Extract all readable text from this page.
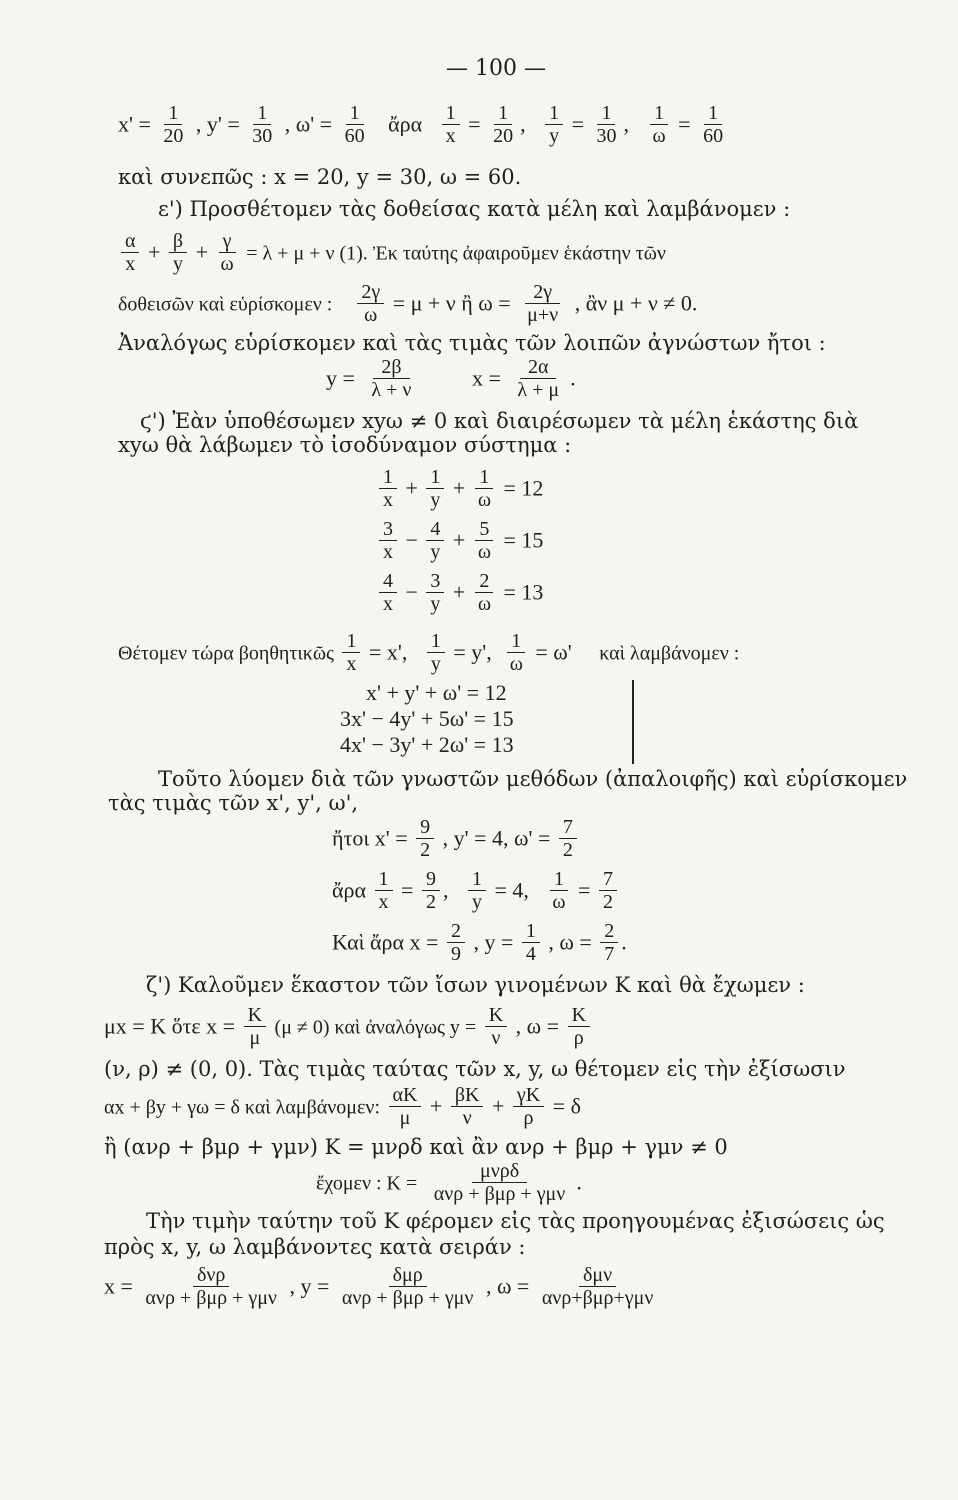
— 100 —
$x' = \frac{1}{20}$ , $y' = \frac{1}{30}$ , $\omega' = \frac{1}{60}$ ἄρα $\frac{1}{x} = \frac{1}{20}$ , $\frac{1}{y} = \frac{1}{30}$ , $\frac{1}{\omega} = \frac{1}{60}$
καὶ συνεπῶς : x = 20, y = 30, ω = 60.
ε') Προσθέτομεν τὰς δοθείσας κατὰ μέλη καὶ λαμβάνομεν :
$\frac{\alpha}{x} + \frac{\beta}{y} + \frac{\gamma}{\omega} = \lambda + \mu + \nu$ (1). Ἐκ ταύτης ἀφαιροῦμεν ἑκάστην τῶν
δοθεισῶν καὶ εὑρίσκομεν : $\frac{2\gamma}{\omega} = \mu + \nu$ ἢ $\omega = \frac{2\gamma}{\mu+\nu}$ , ἂν μ + ν ≠ 0.
Ἀναλόγως εὑρίσκομεν καὶ τὰς τιμὰς τῶν λοιπῶν ἀγνώστων ἤτοι :
$y = \frac{2\beta}{\lambda + \nu}$ $x = \frac{2\alpha}{\lambda + \mu}$ .
ϛ') Ἐὰν ὑποθέσωμεν xyω ≠ 0 καὶ διαιρέσωμεν τὰ μέλη ἑκάστης διὰ
xyω θὰ λάβωμεν τὸ ἰσοδύναμον σύστημα :
$\frac{1}{x} + \frac{1}{y} + \frac{1}{\omega} = 12$
$\frac{3}{x} - \frac{4}{y} + \frac{5}{\omega} = 15$
$\frac{4}{x} - \frac{3}{y} + \frac{2}{\omega} = 13$
Θέτομεν τώρα βοηθητικῶς $\frac{1}{x} = x'$, $\frac{1}{y} = y'$, $\frac{1}{\omega} = \omega'$ καὶ λαμβάνομεν :
x' + y' + ω' = 12
3x' − 4y' + 5ω' = 15
4x' − 3y' + 2ω' = 13
Τοῦτο λύομεν διὰ τῶν γνωστῶν μεθόδων (ἀπαλοιφῆς) καὶ εὑρίσκομεν
τὰς τιμὰς τῶν x', y', ω',
ἤτοι $x' = \frac{9}{2}$ , y' = 4, $\omega' = \frac{7}{2}$
ἄρα $\frac{1}{x} = \frac{9}{2}$ , $\frac{1}{y} = 4$, $\frac{1}{\omega} = \frac{7}{2}$
Καὶ ἄρα $x = \frac{2}{9}$ , $y = \frac{1}{4}$ , $\omega = \frac{2}{7}$ .
ζ') Καλοῦμεν ἕκαστον τῶν ἴσων γινομένων Κ καὶ θὰ ἔχωμεν :
μx = Κ ὅτε $x = \frac{K}{\mu} (\mu \ne 0)$ καὶ ἀναλόγως $y = \frac{K}{\nu}$ , $\omega = \frac{K}{\rho}$
(ν, ρ) ≠ (0, 0). Τὰς τιμὰς ταύτας τῶν x, y, ω θέτομεν εἰς τὴν ἐξίσωσιν
αx + βy + γω = δ καὶ λαμβάνομεν: $\frac{\alpha K}{\mu} + \frac{\beta K}{\nu} + \frac{\gamma K}{\rho} = \delta$
ἢ (ανρ + βμρ + γμν) Κ = μνρδ καὶ ἂν ανρ + βμρ + γμν ≠ 0
ἔχομεν : Κ =
μνρδ
ανρ + βμρ + γμν .
Τὴν τιμὴν ταύτην τοῦ Κ φέρομεν εἰς τὰς προηγουμένας ἐξισώσεις ὡς
πρὸς x, y, ω λαμβάνοντες κατὰ σειράν :
x =	δνρ
ανρ + βμρ + γμν , y =	δμρ
ανρ + βμρ + γμν , ω =	δμν
ανρ+βμρ+γμν
